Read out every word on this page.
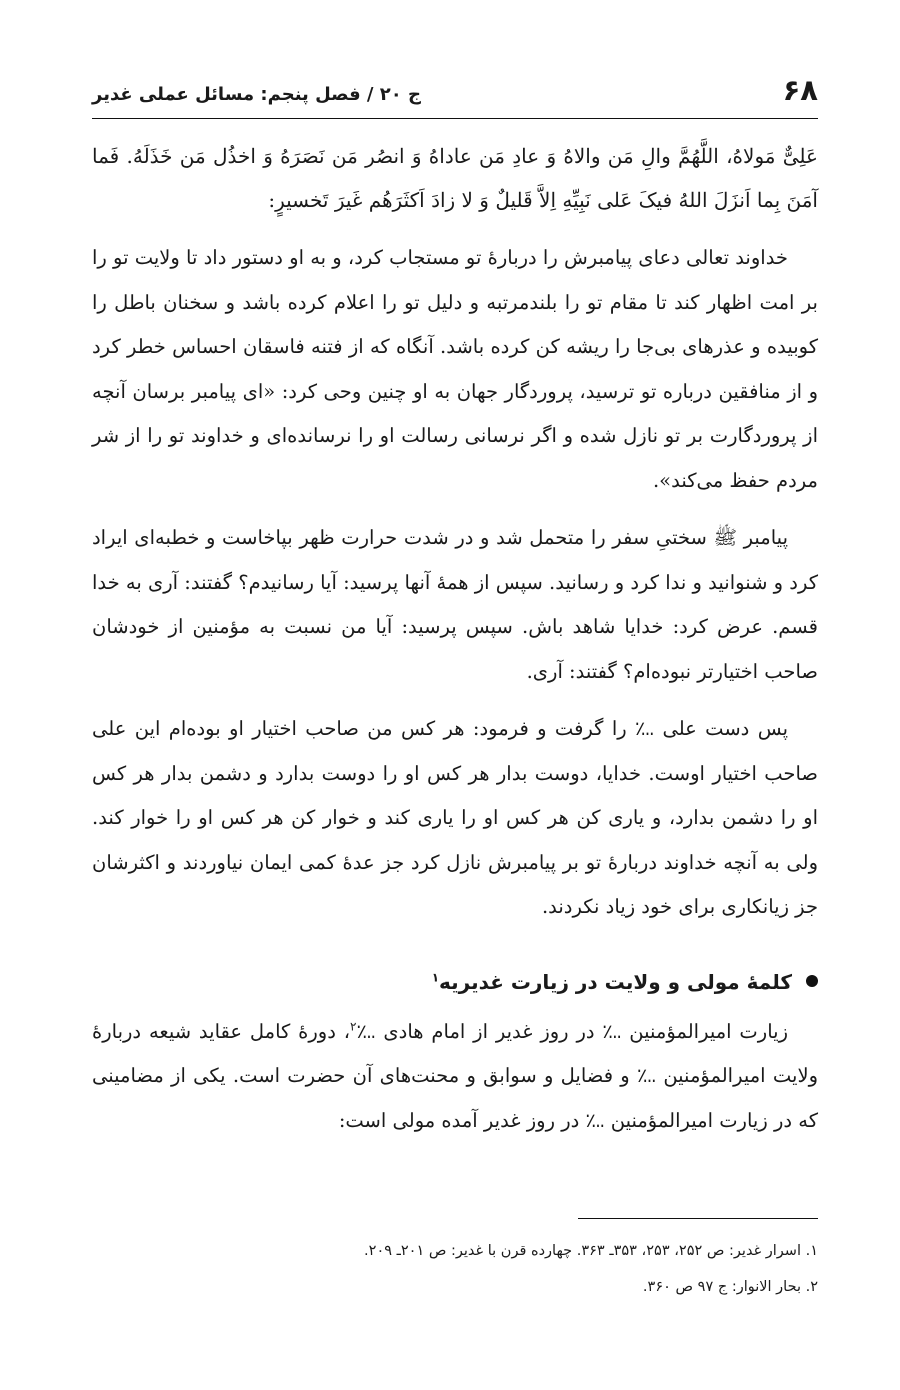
۶۸
ج ۲۰ / فصل پنجم: مسائل عملی غدیر

عَلِیٌّ مَولاهُ، اللَّهُمَّ والِ مَن والاهُ وَ عادِ مَن عاداهُ وَ انصُر مَن نَصَرَهُ وَ اخذُل مَن خَذَلَهُ. فَما آمَنَ بِما اَنزَلَ اللهُ فیکَ عَلی نَبِیِّهِ اِلاَّ قَلیلٌ وَ لا زادَ اَکثَرَهُم غَیرَ تَخسیرٍ:

خداوند تعالی دعای پیامبرش را دربارهٔ تو مستجاب کرد، و به او دستور داد تا ولایت تو را بر امت اظهار کند تا مقام تو را بلندمرتبه و دلیل تو را اعلام کرده باشد و سخنان باطل را کوبیده و عذرهای بی‌جا را ریشه کن کرده باشد. آنگاه که از فتنه فاسقان احساس خطر کرد و از منافقین درباره تو ترسید، پروردگار جهان به او چنین وحی کرد: «ای پیامبر برسان آنچه از پروردگارت بر تو نازل شده و اگر نرسانی رسالت او را نرسانده‌ای و خداوند تو را از شر مردم حفظ می‌کند».

پیامبر ﷺ سختیِ سفر را متحمل شد و در شدت حرارت ظهر بپاخاست و خطبه‌ای ایراد کرد و شنوانید و ندا کرد و رسانید. سپس از همهٔ آنها پرسید: آیا رسانیدم؟ گفتند: آری به خدا قسم. عرض کرد: خدایا شاهد باش. سپس پرسید: آیا من نسبت به مؤمنین از خودشان صاحب اختیارتر نبوده‌ام؟ گفتند: آری.

پس دست علی ؊ را گرفت و فرمود: هر کس من صاحب اختیار او بوده‌ام این علی صاحب اختیار اوست. خدایا، دوست بدار هر کس او را دوست بدارد و دشمن بدار هر کس او را دشمن بدارد، و یاری کن هر کس او را یاری کند و خوار کن هر کس او را خوار کند. ولی به آنچه خداوند دربارهٔ تو بر پیامبرش نازل کرد جز عدهٔ کمی ایمان نیاوردند و اکثرشان جز زیانکاری برای خود زیاد نکردند.

کلمهٔ مولی و ولایت در زیارت غدیریه$^۱$

زیارت امیرالمؤمنین ؊ در روز غدیر از امام هادی ؊$^۲$، دورهٔ کامل عقاید شیعه دربارهٔ ولایت امیرالمؤمنین ؊ و فضایل و سوابق و محنت‌های آن حضرت است. یکی از مضامینی که در زیارت امیرالمؤمنین ؊ در روز غدیر آمده مولی است:

۱. اسرار غدیر: ص ۲۵۲، ۲۵۳، ۳۵۳ـ ۳۶۳. چهارده قرن با غدیر: ص ۲۰۱ـ ۲۰۹.

۲. بحار الانوار: ج ۹۷ ص ۳۶۰.
